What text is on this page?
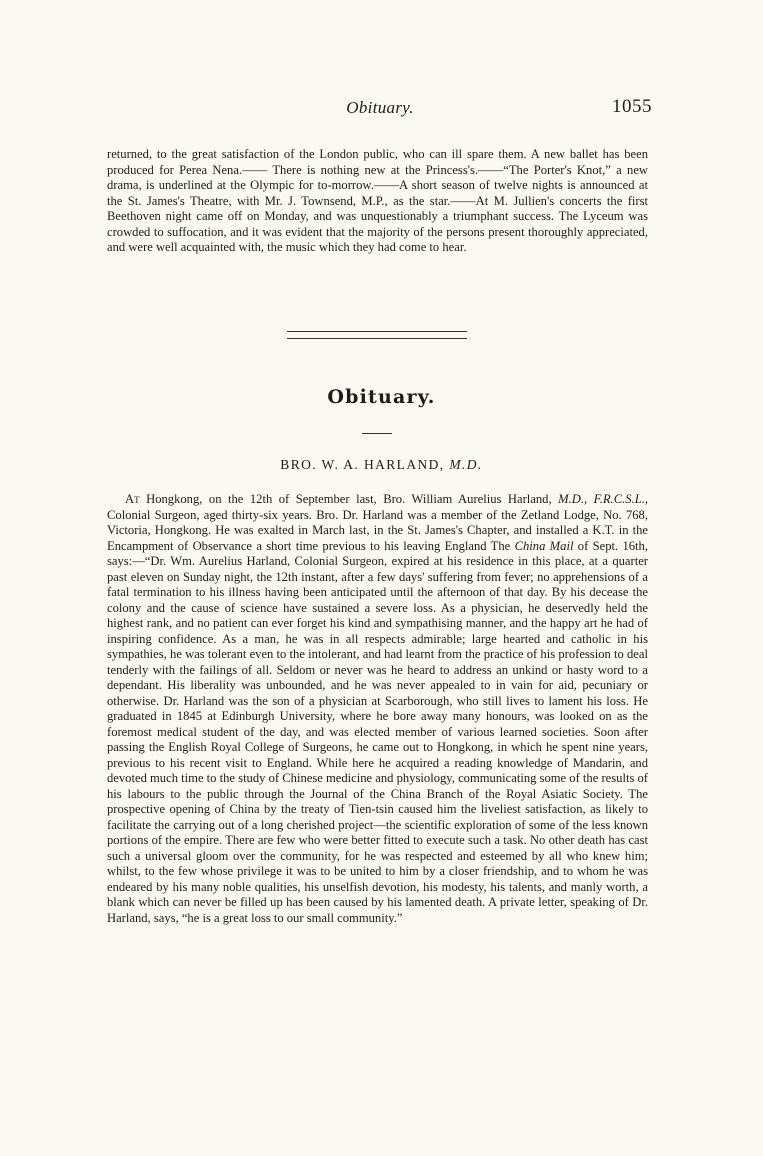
Obituary.	1055

returned, to the great satisfaction of the London public, who can ill spare them. A new ballet has been produced for Perea Nena.—— There is nothing new at the Princess's.——“The Porter's Knot,” a new drama, is underlined at the Olympic for to-morrow.——A short season of twelve nights is announced at the St. James's Theatre, with Mr. J. Townsend, M.P., as the star.——At M. Jullien's concerts the first Beethoven night came off on Monday, and was unquestionably a triumphant success. The Lyceum was crowded to suffocation, and it was evident that the majority of the persons present thoroughly appreciated, and were well acquainted with, the music which they had come to hear.

Obituary.
BRO. W. A. HARLAND, M.D.

At Hongkong, on the 12th of September last, Bro. William Aurelius Harland, M.D., F.R.C.S.L., Colonial Surgeon, aged thirty-six years. Bro. Dr. Harland was a member of the Zetland Lodge, No. 768, Victoria, Hongkong. He was exalted in March last, in the St. James's Chapter, and installed a K.T. in the Encampment of Observance a short time previous to his leaving England The China Mail of Sept. 16th, says:—“Dr. Wm. Aurelius Harland, Colonial Surgeon, expired at his residence in this place, at a quarter past eleven on Sunday night, the 12th instant, after a few days' suffering from fever; no apprehensions of a fatal termination to his illness having been anticipated until the afternoon of that day. By his decease the colony and the cause of science have sustained a severe loss. As a physician, he deservedly held the highest rank, and no patient can ever forget his kind and sympathising manner, and the happy art he had of inspiring confidence. As a man, he was in all respects admirable; large hearted and catholic in his sympathies, he was tolerant even to the intolerant, and had learnt from the practice of his profession to deal tenderly with the failings of all. Seldom or never was he heard to address an unkind or hasty word to a dependant. His liberality was unbounded, and he was never appealed to in vain for aid, pecuniary or otherwise. Dr. Harland was the son of a physician at Scarborough, who still lives to lament his loss. He graduated in 1845 at Edinburgh University, where he bore away many honours, was looked on as the foremost medical student of the day, and was elected member of various learned societies. Soon after passing the English Royal College of Surgeons, he came out to Hongkong, in which he spent nine years, previous to his recent visit to England. While here he acquired a reading knowledge of Mandarin, and devoted much time to the study of Chinese medicine and physiology, communicating some of the results of his labours to the public through the Journal of the China Branch of the Royal Asiatic Society. The prospective opening of China by the treaty of Tien-tsin caused him the liveliest satisfaction, as likely to facilitate the carrying out of a long cherished project—the scientific exploration of some of the less known portions of the empire. There are few who were better fitted to execute such a task. No other death has cast such a universal gloom over the community, for he was respected and esteemed by all who knew him; whilst, to the few whose privilege it was to be united to him by a closer friendship, and to whom he was endeared by his many noble qualities, his unselfish devotion, his modesty, his talents, and manly worth, a blank which can never be filled up has been caused by his lamented death. A private letter, speaking of Dr. Harland, says, “he is a great loss to our small community.”
